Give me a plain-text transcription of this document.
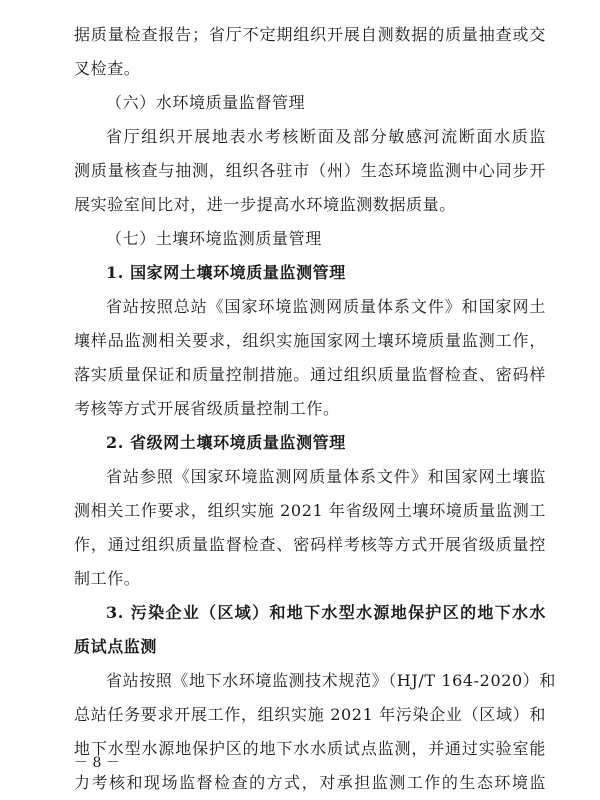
据质量检查报告；省厅不定期组织开展自测数据的质量抽查或交
叉检查。
（六）水环境质量监督管理
省厅组织开展地表水考核断面及部分敏感河流断面水质监
测质量核查与抽测，组织各驻市（州）生态环境监测中心同步开
展实验室间比对，进一步提高水环境监测数据质量。
（七）土壤环境监测质量管理
1. 国家网土壤环境质量监测管理
省站按照总站《国家环境监测网质量体系文件》和国家网土
壤样品监测相关要求，组织实施国家网土壤环境质量监测工作，
落实质量保证和质量控制措施。通过组织质量监督检查、密码样
考核等方式开展省级质量控制工作。
2. 省级网土壤环境质量监测管理
省站参照《国家环境监测网质量体系文件》和国家网土壤监
测相关工作要求，组织实施 2021 年省级网土壤环境质量监测工
作，通过组织质量监督检查、密码样考核等方式开展省级质量控
制工作。
3. 污染企业（区域）和地下水型水源地保护区的地下水水
质试点监测
省站按照《地下水环境监测技术规范》（HJ/T 164-2020）和
总站任务要求开展工作，组织实施 2021 年污染企业（区域）和
地下水型水源地保护区的地下水水质试点监测，并通过实验室能
力考核和现场监督检查的方式，对承担监测工作的生态环境监
－ 8 －
